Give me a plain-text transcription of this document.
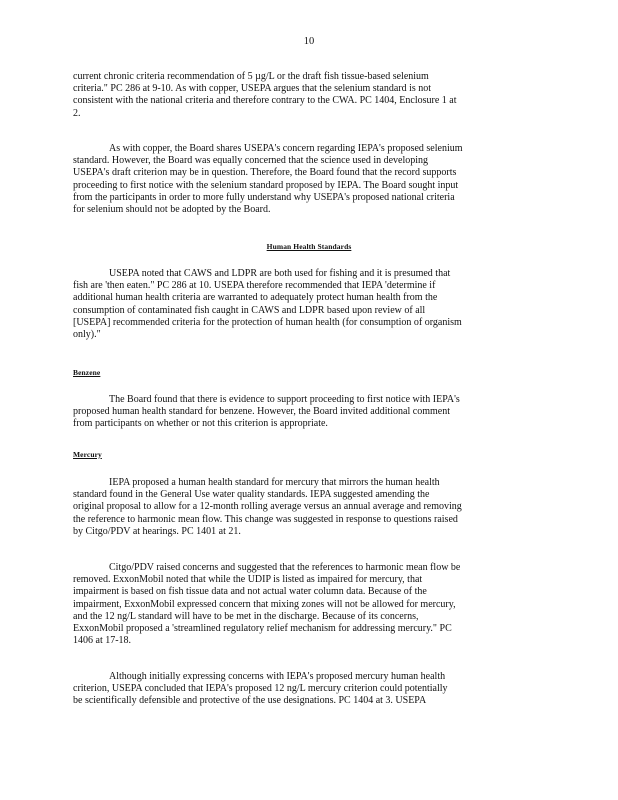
10
current chronic criteria recommendation of 5 µg/L or the draft fish tissue-based selenium
criteria." PC 286 at 9-10. As with copper, USEPA argues that the selenium standard is not
consistent with the national criteria and therefore contrary to the CWA. PC 1404, Enclosure 1 at
2.
As with copper, the Board shares USEPA's concern regarding IEPA's proposed selenium
standard. However, the Board was equally concerned that the science used in developing
USEPA's draft criterion may be in question. Therefore, the Board found that the record supports
proceeding to first notice with the selenium standard proposed by IEPA. The Board sought input
from the participants in order to more fully understand why USEPA's proposed national criteria
for selenium should not be adopted by the Board.
Human Health Standards
USEPA noted that CAWS and LDPR are both used for fishing and it is presumed that
fish are 'then eaten." PC 286 at 10. USEPA therefore recommended that IEPA 'determine if
additional human health criteria are warranted to adequately protect human health from the
consumption of contaminated fish caught in CAWS and LDPR based upon review of all
[USEPA] recommended criteria for the protection of human health (for consumption of organism
only)."
Benzene
The Board found that there is evidence to support proceeding to first notice with IEPA's
proposed human health standard for benzene. However, the Board invited additional comment
from participants on whether or not this criterion is appropriate.
Mercury
IEPA proposed a human health standard for mercury that mirrors the human health
standard found in the General Use water quality standards. IEPA suggested amending the
original proposal to allow for a 12-month rolling average versus an annual average and removing
the reference to harmonic mean flow. This change was suggested in response to questions raised
by Citgo/PDV at hearings. PC 1401 at 21.
Citgo/PDV raised concerns and suggested that the references to harmonic mean flow be
removed. ExxonMobil noted that while the UDIP is listed as impaired for mercury, that
impairment is based on fish tissue data and not actual water column data. Because of the
impairment, ExxonMobil expressed concern that mixing zones will not be allowed for mercury,
and the 12 ng/L standard will have to be met in the discharge. Because of its concerns,
ExxonMobil proposed a 'streamlined regulatory relief mechanism for addressing mercury." PC
1406 at 17-18.
Although initially expressing concerns with IEPA's proposed mercury human health
criterion, USEPA concluded that IEPA's proposed 12 ng/L mercury criterion could potentially
be scientifically defensible and protective of the use designations. PC 1404 at 3. USEPA
